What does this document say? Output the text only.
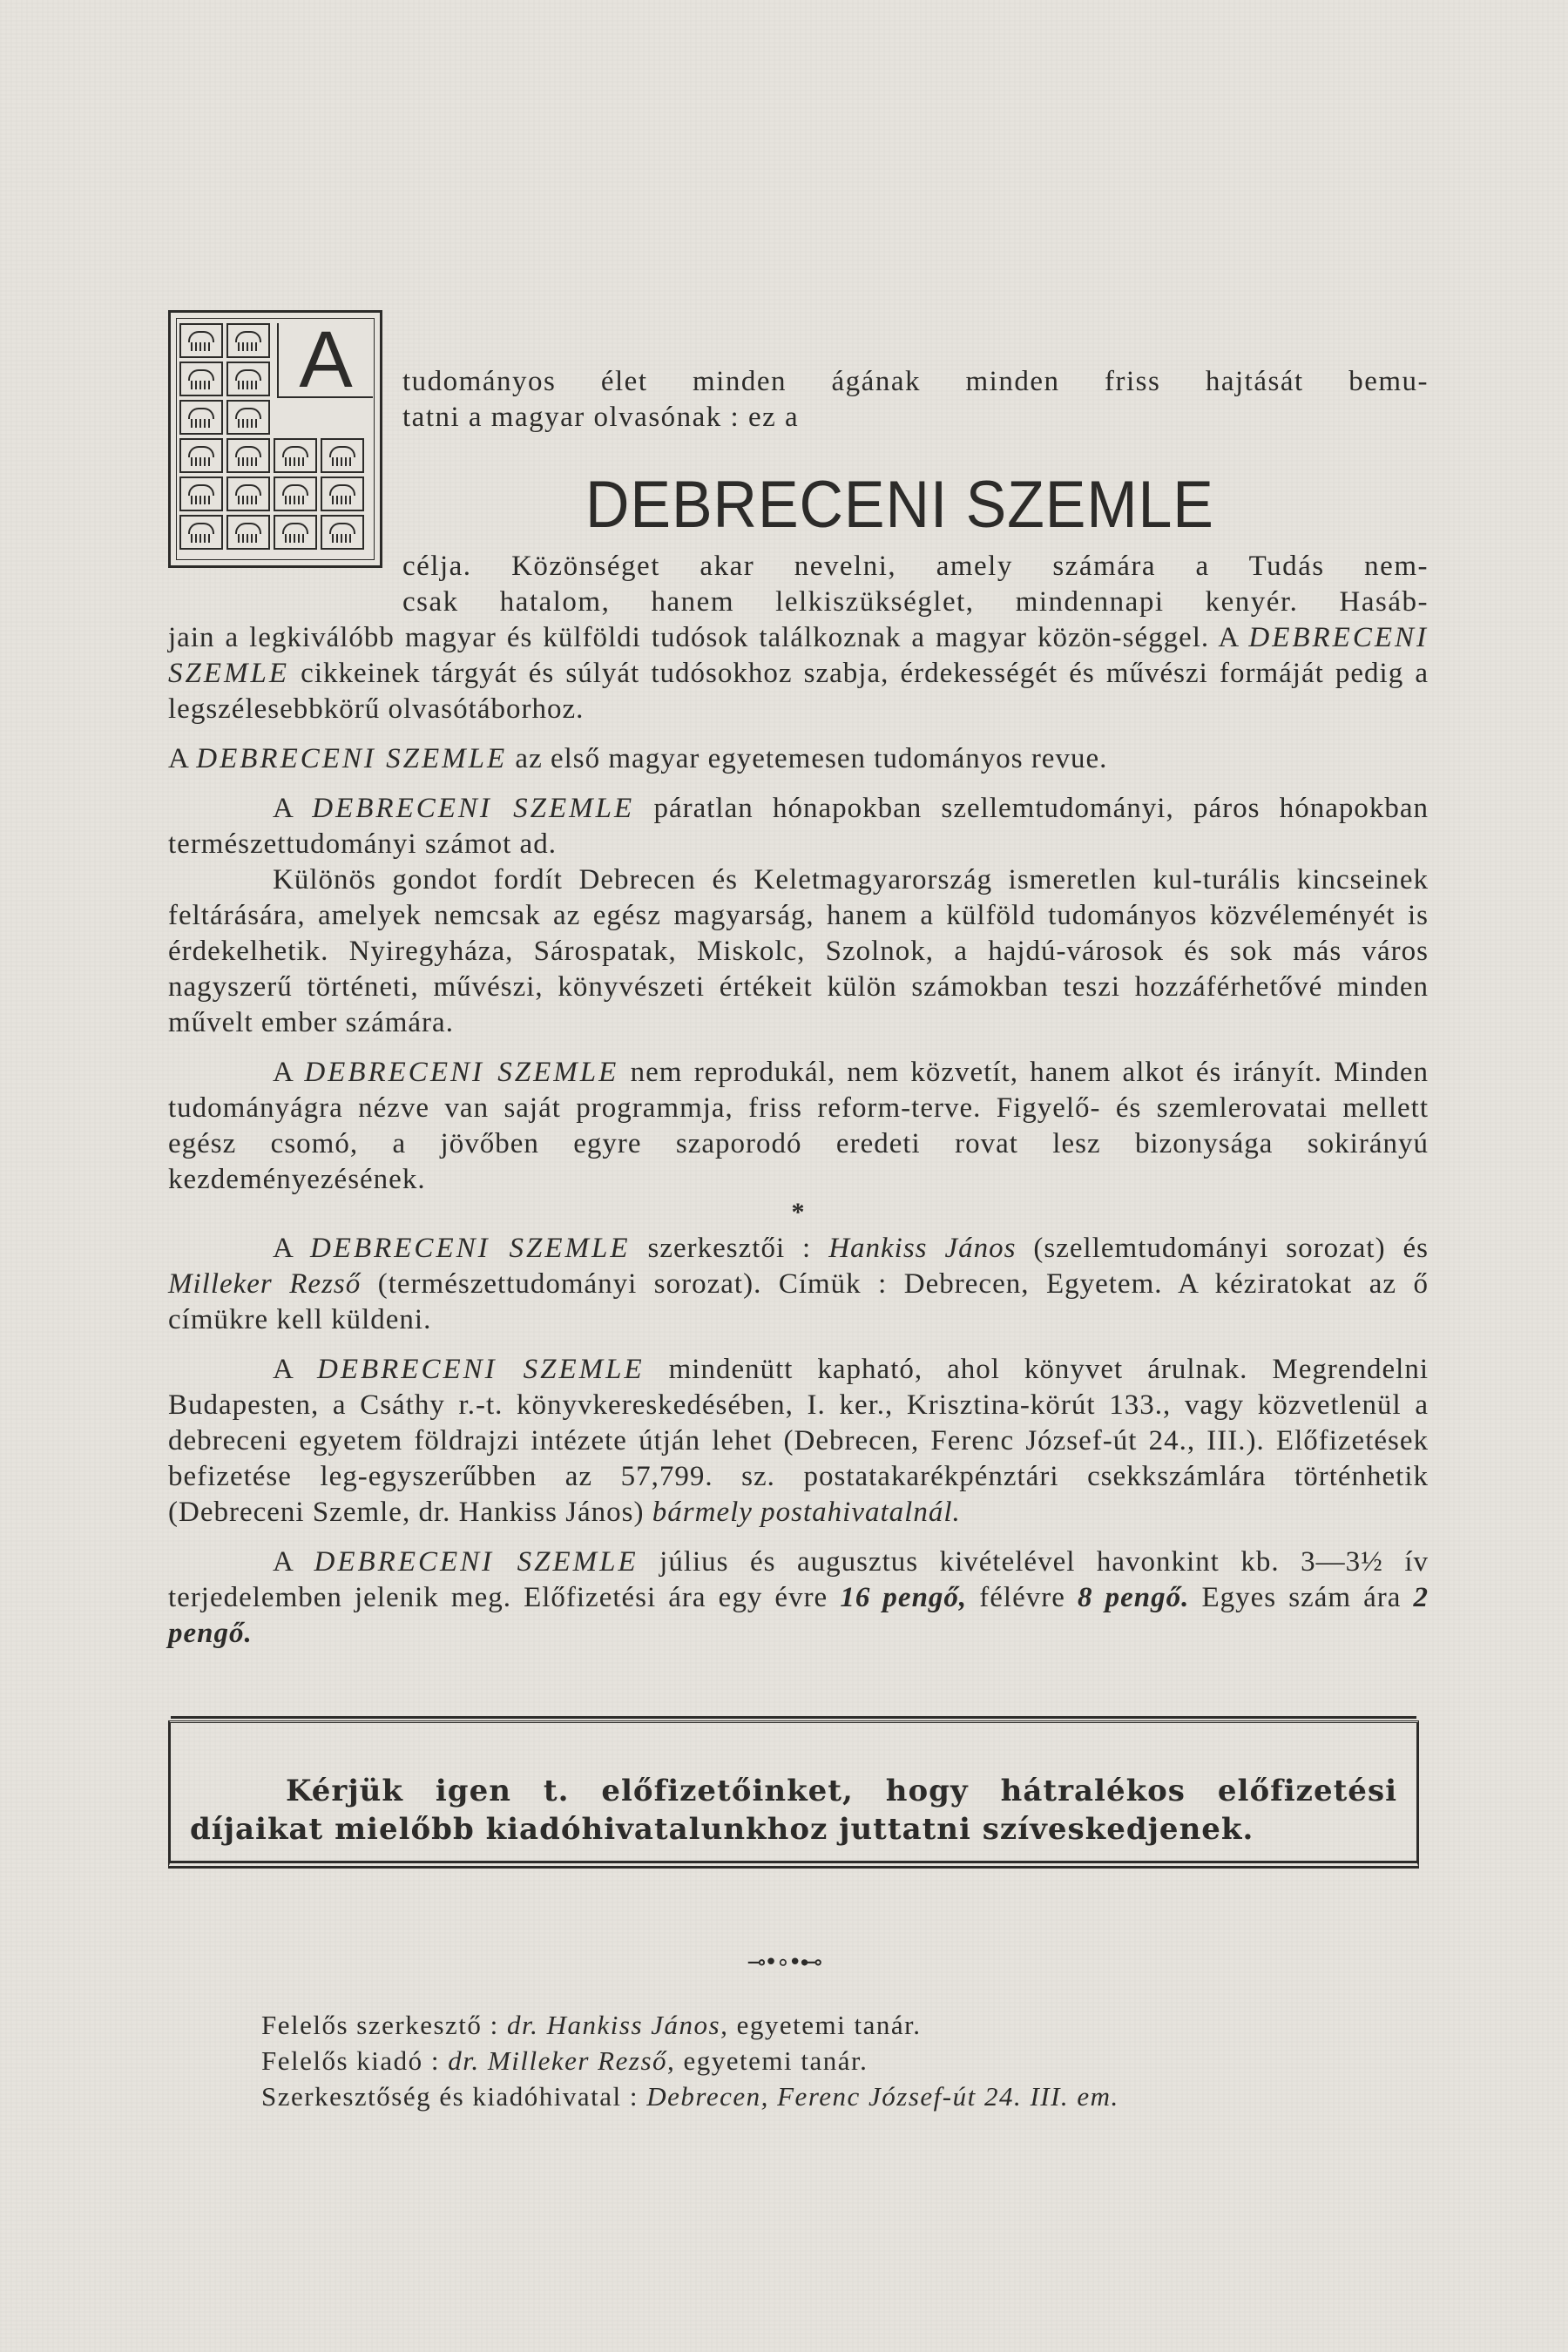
A tudományos élet minden ágának minden friss hajtását bemu-

tatni a magyar olvasónak : ez a

DEBRECENI SZEMLE

célja. Közönséget akar nevelni, amely számára a Tudás nem-

csak hatalom, hanem lelkiszükséglet, mindennapi kenyér. Hasáb-

jain a legkiválóbb magyar és külföldi tudósok találkoznak a magyar közön-séggel. A DEBRECENI SZEMLE cikkeinek tárgyát és súlyát tudósokhoz szabja, érdekességét és művészi formáját pedig a legszélesebbkörű olvasótáborhoz.

A DEBRECENI SZEMLE az első magyar egyetemesen tudományos revue.

A DEBRECENI SZEMLE páratlan hónapokban szellemtudományi, páros hónapokban természettudományi számot ad.

Különös gondot fordít Debrecen és Keletmagyarország ismeretlen kul-turális kincseinek feltárására, amelyek nemcsak az egész magyarság, hanem a külföld tudományos közvéleményét is érdekelhetik. Nyiregyháza, Sárospatak, Miskolc, Szolnok, a hajdú-városok és sok más város nagyszerű történeti, művészi, könyvészeti értékeit külön számokban teszi hozzáférhetővé minden művelt ember számára.

A DEBRECENI SZEMLE nem reprodukál, nem közvetít, hanem alkot és irányít. Minden tudományágra nézve van saját programmja, friss reform-terve. Figyelő- és szemlerovatai mellett egész csomó, a jövőben egyre szaporodó eredeti rovat lesz bizonysága sokirányú kezdeményezésének.

*

A DEBRECENI SZEMLE szerkesztői : Hankiss János (szellemtudományi sorozat) és Milleker Rezső (természettudományi sorozat). Címük : Debrecen, Egyetem. A kéziratokat az ő címükre kell küldeni.

A DEBRECENI SZEMLE mindenütt kapható, ahol könyvet árulnak. Megrendelni Budapesten, a Csáthy r.-t. könyvkereskedésében, I. ker., Krisztina-körút 133., vagy közvetlenül a debreceni egyetem földrajzi intézete útján lehet (Debrecen, Ferenc József-út 24., III.). Előfizetések befizetése leg-egyszerűbben az 57,799. sz. postatakarékpénztári csekkszámlára történhetik (Debreceni Szemle, dr. Hankiss János) bármely postahivatalnál.

A DEBRECENI SZEMLE július és augusztus kivételével havonkint kb. 3—3½ ív terjedelemben jelenik meg. Előfizetési ára egy évre 16 pengő, félévre 8 pengő. Egyes szám ára 2 pengő.

Kérjük igen t. előfizetőinket, hogy hátralékos előfizetési

díjaikat mielőbb kiadóhivatalunkhoz juttatni szíveskedjenek.

⊸•∘•⊷
Felelős szerkesztő : dr. Hankiss János, egyetemi tanár.
Felelős kiadó : dr. Milleker Rezső, egyetemi tanár.
Szerkesztőség és kiadóhivatal : Debrecen, Ferenc József-út 24. III. em.
